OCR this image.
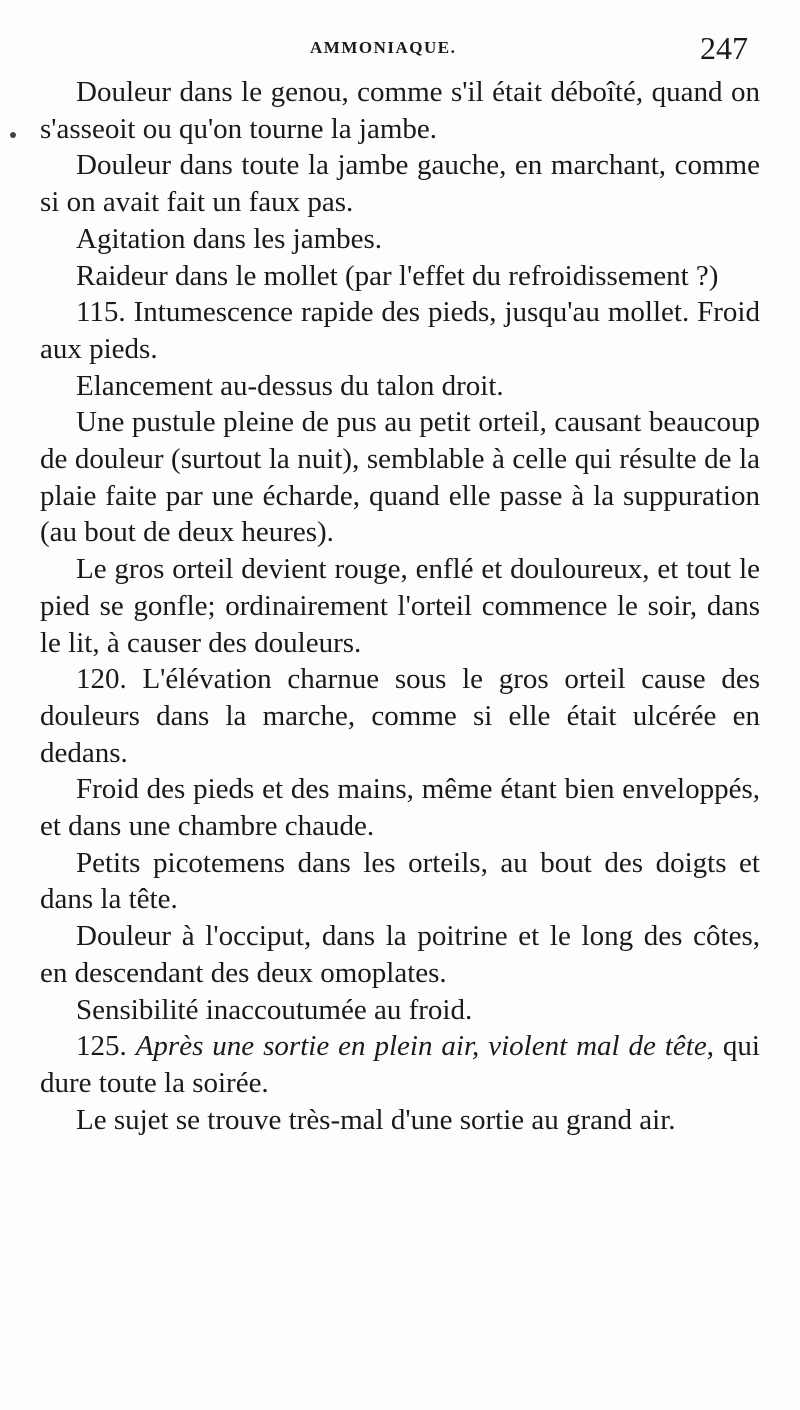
AMMONIAQUE.	247

Douleur dans le genou, comme s'il était déboîté, quand on s'asseoit ou qu'on tourne la jambe.

Douleur dans toute la jambe gauche, en marchant, comme si on avait fait un faux pas.

Agitation dans les jambes.

Raideur dans le mollet (par l'effet du refroidissement ?)

115. Intumescence rapide des pieds, jusqu'au mollet. Froid aux pieds.

Elancement au-dessus du talon droit.

Une pustule pleine de pus au petit orteil, causant beaucoup de douleur (surtout la nuit), semblable à celle qui résulte de la plaie faite par une écharde, quand elle passe à la suppuration (au bout de deux heures).

Le gros orteil devient rouge, enflé et douloureux, et tout le pied se gonfle; ordinairement l'orteil commence le soir, dans le lit, à causer des douleurs.

120. L'élévation charnue sous le gros orteil cause des douleurs dans la marche, comme si elle était ulcérée en dedans.

Froid des pieds et des mains, même étant bien enveloppés, et dans une chambre chaude.

Petits picotemens dans les orteils, au bout des doigts et dans la tête.

Douleur à l'occiput, dans la poitrine et le long des côtes, en descendant des deux omoplates.

Sensibilité inaccoutumée au froid.

125. Après une sortie en plein air, violent mal de tête, qui dure toute la soirée.

Le sujet se trouve très-mal d'une sortie au grand air.
